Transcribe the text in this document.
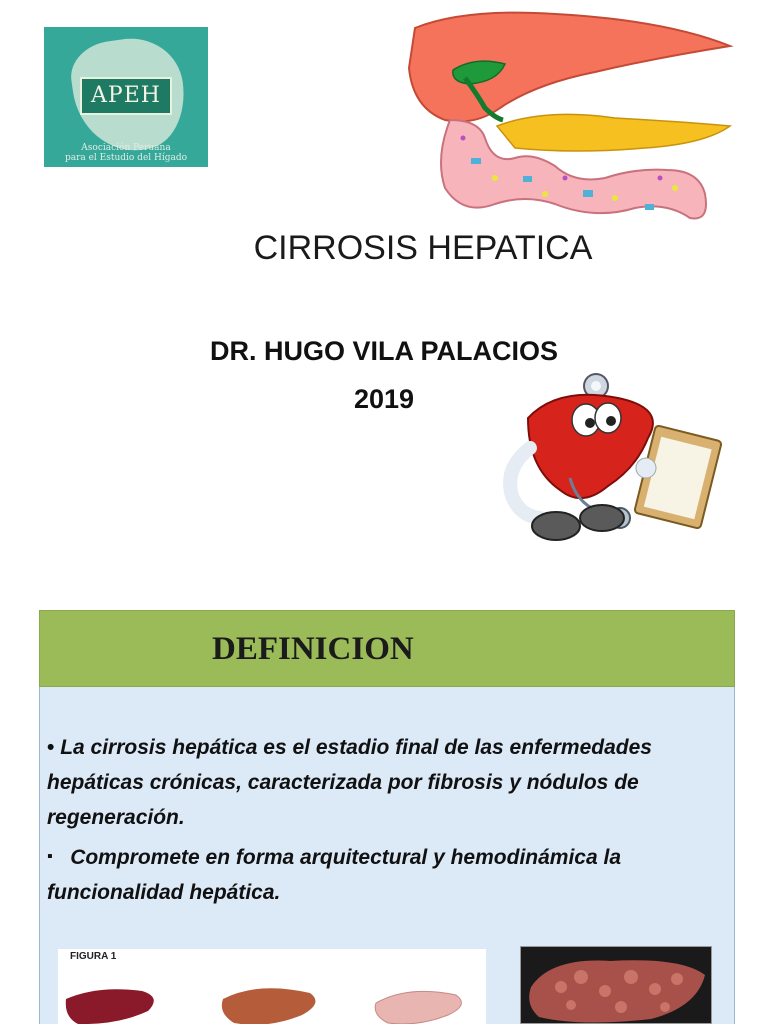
APEH
Asociación Peruana
para el Estudio del Hígado
CIRROSIS HEPATICA
DR. HUGO VILA PALACIOS
2019
DEFINICION
• La cirrosis hepática es el estadio final de las enfermedades hepáticas crónicas, caracterizada por fibrosis y nódulos de regeneración.
▪ Compromete en forma arquitectural y hemodinámica la funcionalidad hepática.
FIGURA 1
